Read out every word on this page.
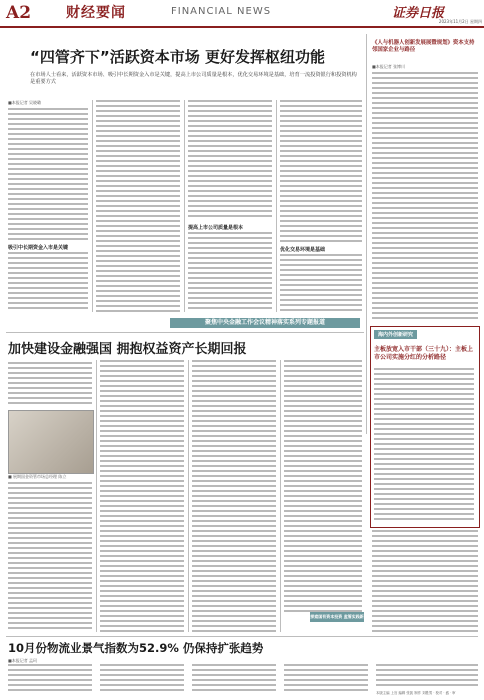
A2 财经要闻	FINANCIAL NEWS	证券日报
2023年11月2日 星期四
“四管齐下”活跃资本市场 更好发挥枢纽功能
在市场人士看来，活跃资本市场、吸引中长期资金入市是关键，提高上市公司质量是根本，优化交易环境是基础，培育一流投资银行和投资机构是重要方式
■本报记者 吴晓璐
吸引中长期资金入市是关键
提高上市公司质量是根本
优化交易环境是基础
《人与机器人创新发展展暨规划》资本支持邻国家企业与路径
■本报记者 张博川
聚焦中央金融工作会议精神落实系列专题报道
加快建设金融强国 拥抱权益资产长期回报
■ 展期国金资管市场总经理 陈立
海内外创新研究
主板放宽入市干部（三十九）：主板上市公司实施分红的分析路径
探索国有资本投资 监管实践新路径
10月份物流业景气指数为52.9% 仍保持扩张趋势
■本报记者 孟珂
本版主编 上官 编辑 张凯 制作 刘胜男 · 校对 · 盛 · 审
